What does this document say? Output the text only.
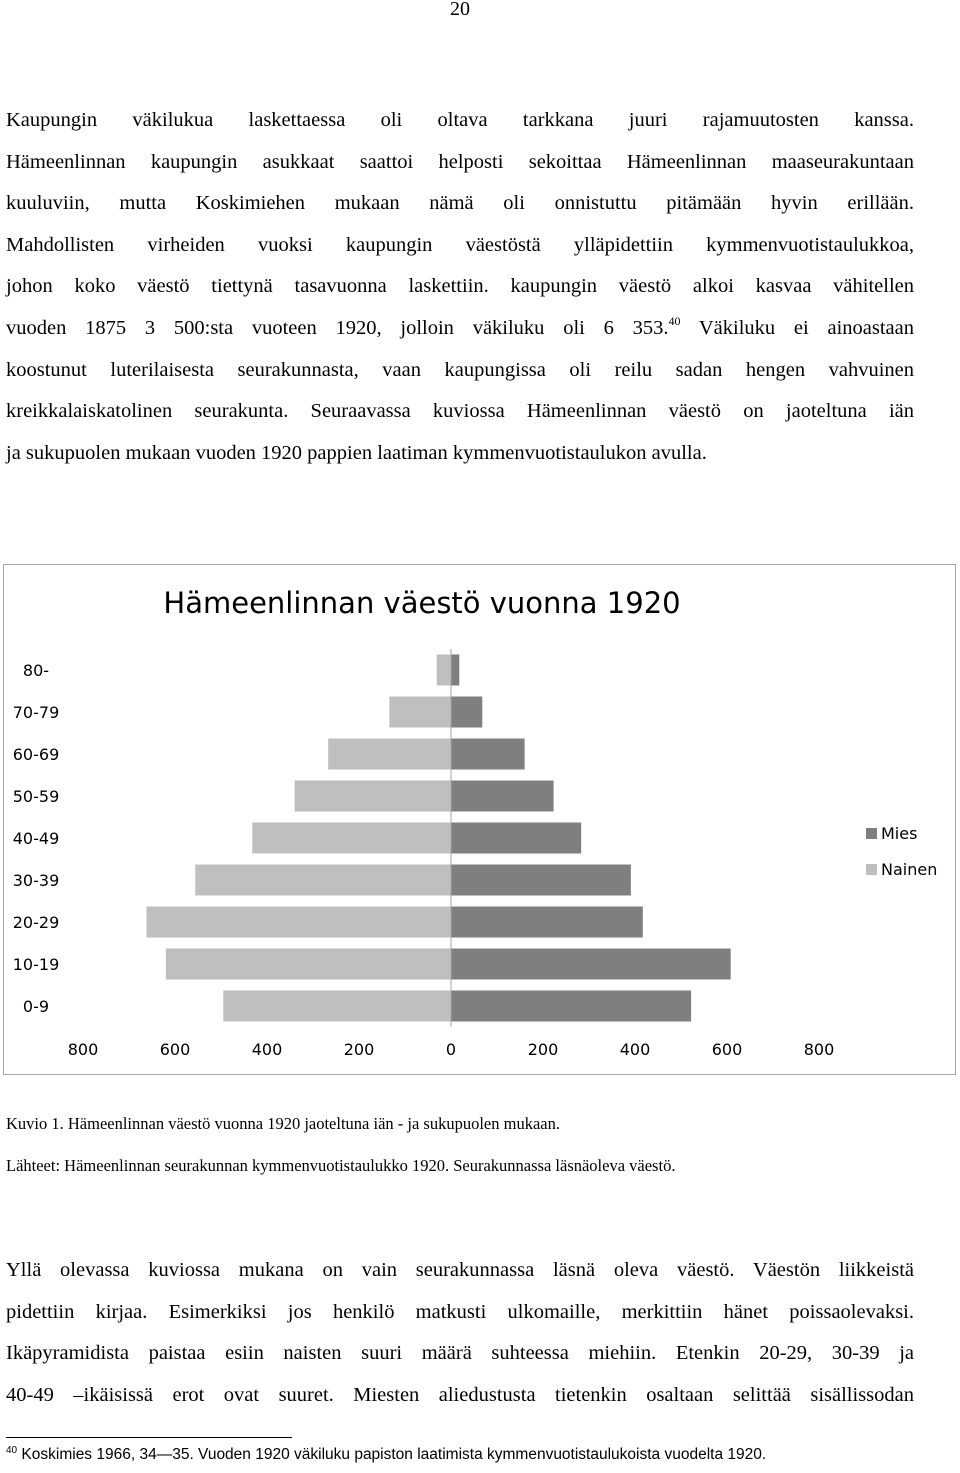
20

Kaupungin väkilukua laskettaessa oli oltava tarkkana juuri rajamuutosten kanssa.
Hämeenlinnan kaupungin asukkaat saattoi helposti sekoittaa Hämeenlinnan maaseurakuntaan
kuuluviin, mutta Koskimiehen mukaan nämä oli onnistuttu pitämään hyvin erillään.
Mahdollisten virheiden vuoksi kaupungin väestöstä ylläpidettiin kymmenvuotistaulukkoa,
johon koko väestö tiettynä tasavuonna laskettiin. kaupungin väestö alkoi kasvaa vähitellen
vuoden 1875 3 500:sta vuoteen 1920, jolloin väkiluku oli 6 353.40 Väkiluku ei ainoastaan
koostunut luterilaisesta seurakunnasta, vaan kaupungissa oli reilu sadan hengen vahvuinen
kreikkalaiskatolinen seurakunta. Seuraavassa kuviossa Hämeenlinnan väestö on jaoteltuna iän
ja sukupuolen mukaan vuoden 1920 pappien laatiman kymmenvuotistaulukon avulla.

Hämeenlinnan väestö vuonna 1920
0-9
10-19
20-29
30-39
40-49
50-59
60-69
70-79
80-
800	600	400	200	0	200	400	600	800
Mies
Nainen
Kuvio 1. Hämeenlinnan väestö vuonna 1920 jaoteltuna iän - ja sukupuolen mukaan.
Lähteet: Hämeenlinnan seurakunnan kymmenvuotistaulukko 1920. Seurakunnassa läsnäoleva väestö.

Yllä olevassa kuviossa mukana on vain seurakunnassa läsnä oleva väestö. Väestön liikkeistä
pidettiin kirjaa. Esimerkiksi jos henkilö matkusti ulkomaille, merkittiin hänet poissaolevaksi.
Ikäpyramidista paistaa esiin naisten suuri määrä suhteessa miehiin. Etenkin 20-29, 30-39 ja
40-49 –ikäisissä erot ovat suuret. Miesten aliedustusta tietenkin osaltaan selittää sisällissodan

$^{40}$ Koskimies 1966, 34—35. Vuoden 1920 väkiluku papiston laatimista kymmenvuotistaulukoista vuodelta 1920.
